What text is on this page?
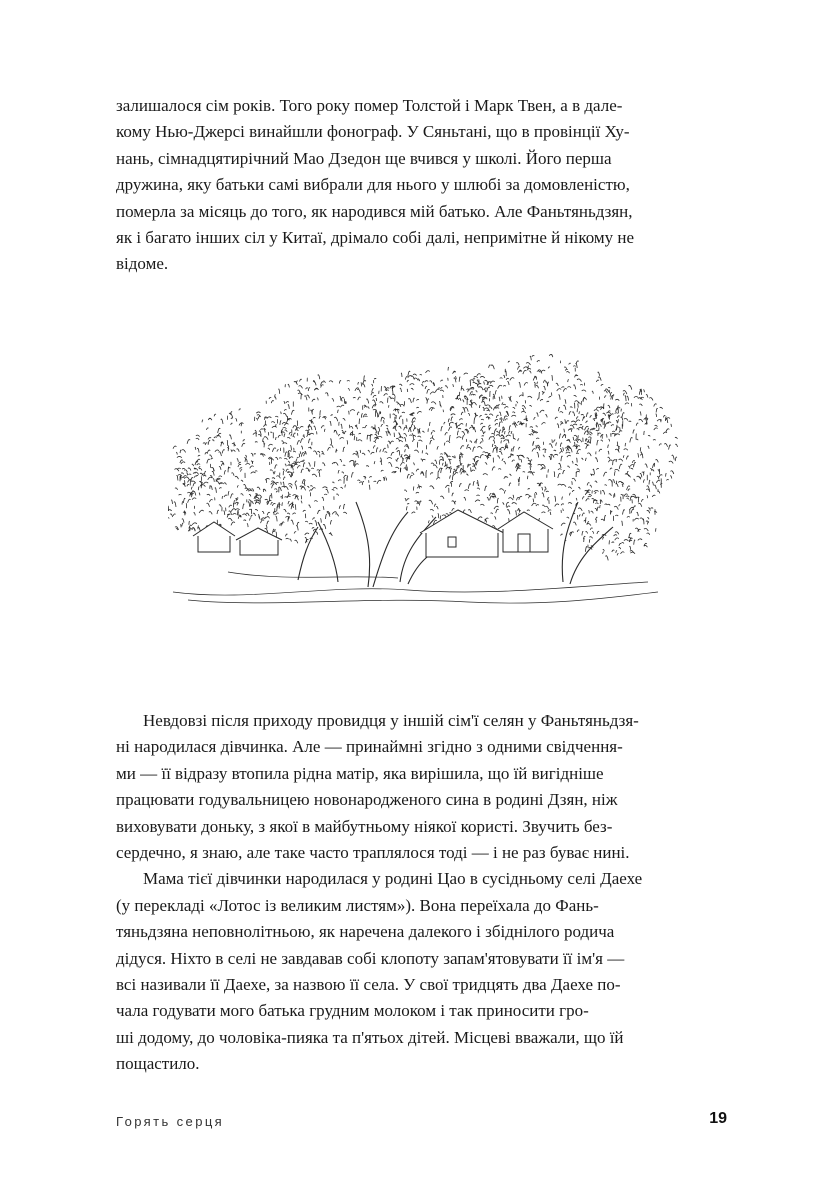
залишалося сім років. Того року помер Толстой і Марк Твен, а в дале-

кому Нью-Джерсі винайшли фонограф. У Сяньтані, що в провінції Ху-

нань, сімнадцятирічний Мао Дзедон ще вчився у школі. Його перша

дружина, яку батьки самі вибрали для нього у шлюбі за домовленістю,

померла за місяць до того, як народився мій батько. Але Фаньтяньдзян,

як і багато інших сіл у Китаї, дрімало собі далі, непримітне й нікому не

відоме.

Невдовзі після приходу провидця у іншій сім'ї селян у Фаньтяньдзя-

ні народилася дівчинка. Але — принаймні згідно з одними свідчення-

ми — її відразу втопила рідна матір, яка вирішила, що їй вигідніше

працювати годувальницею новонародженого сина в родині Дзян, ніж

виховувати доньку, з якої в майбутньому ніякої користі. Звучить без-

сердечно, я знаю, але таке часто траплялося тоді — і не раз буває нині.

Мама тієї дівчинки народилася у родині Цао в сусідньому селі Даехе

(у перекладі «Лотос із великим листям»). Вона переїхала до Фань-

тяньдзяна неповнолітньою, як наречена далекого і збіднілого родича

дідуся. Ніхто в селі не завдавав собі клопоту запам'ятовувати її ім'я —

всі називали її Даехе, за назвою її села. У свої тридцять два Даехе по-

чала годувати мого батька грудним молоком і так приносити гро-

ші додому, до чоловіка-пияка та п'ятьох дітей. Місцеві вважали, що їй

пощастило.

Горять серця	19
